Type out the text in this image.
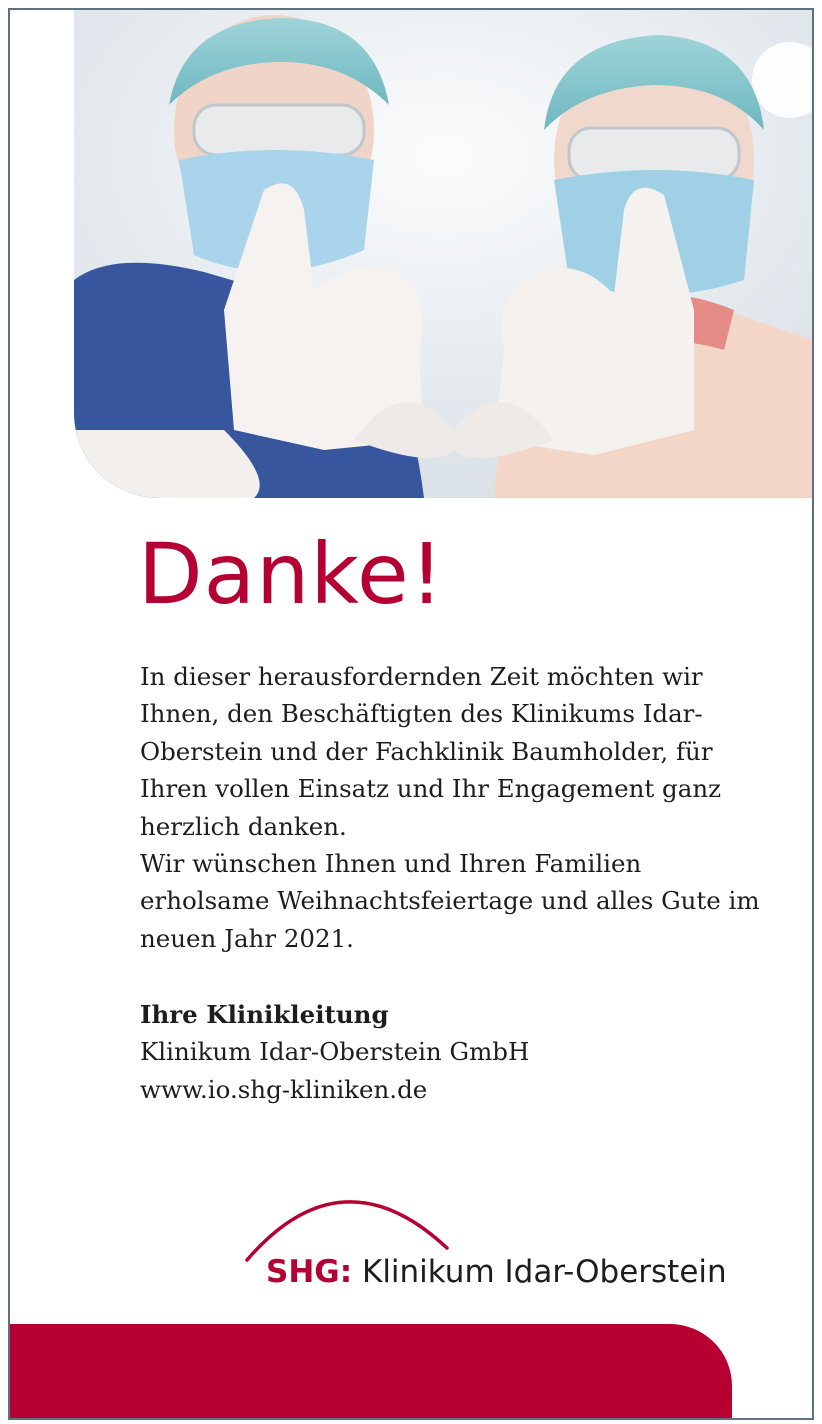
Danke!

In dieser herausfordernden Zeit möchten wir Ihnen, den Beschäftigten des Klinikums Idar-Oberstein und der Fachklinik Baumholder, für Ihren vollen Einsatz und Ihr Engagement ganz herzlich danken.

Wir wünschen Ihnen und Ihren Familien erholsame Weihnachtsfeiertage und alles Gute im neuen Jahr 2021.

Ihre Klinikleitung
Klinikum Idar-Oberstein GmbH
www.io.shg-kliniken.de
SHG: Klinikum Idar-Oberstein
